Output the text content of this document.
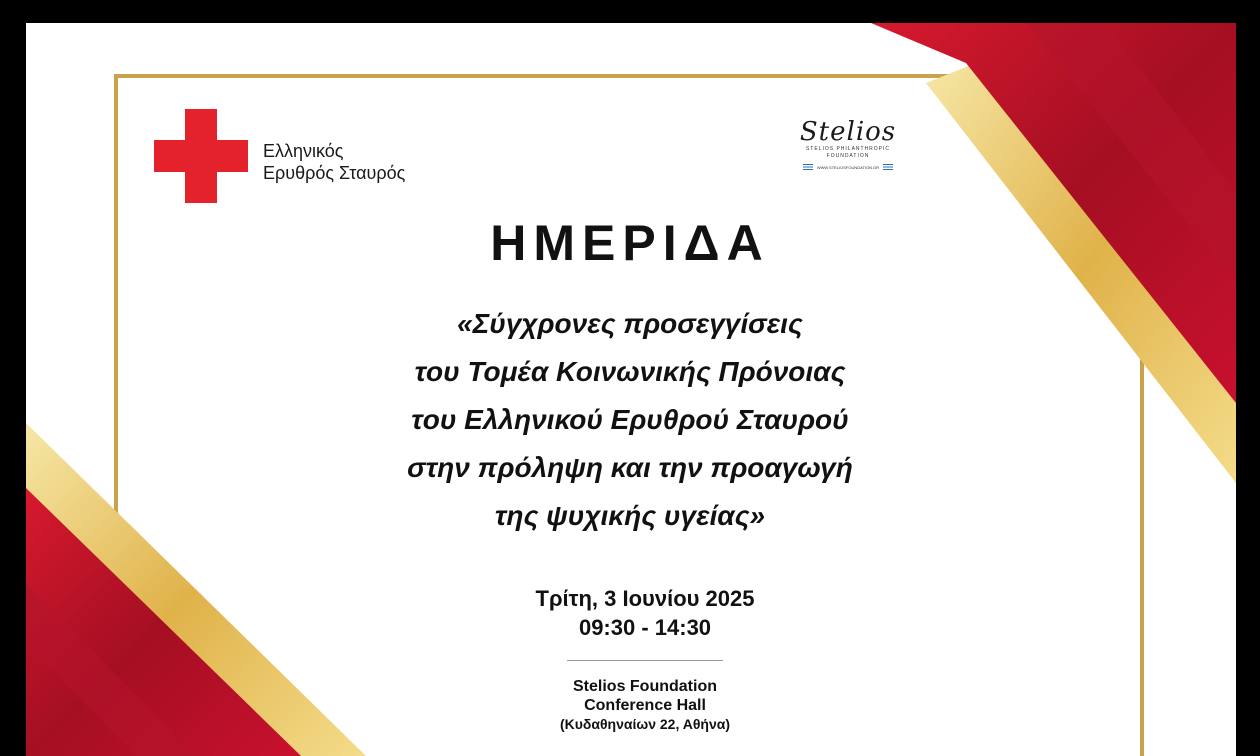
Ελληνικός
Ερυθρός Σταυρός
Stelios
STELIOS PHILANTHROPIC
FOUNDATION
WWW.STELIOSFOUNDATION.GR
ΗΜΕΡΙΔΑ
«Σύγχρονες προσεγγίσεις
του Τομέα Κοινωνικής Πρόνοιας
του Ελληνικού Ερυθρού Σταυρού
στην πρόληψη και την προαγωγή
της ψυχικής υγείας»
Τρίτη, 3 Ιουνίου 2025
09:30 - 14:30
Stelios Foundation
Conference Hall
(Κυδαθηναίων 22, Αθήνα)
